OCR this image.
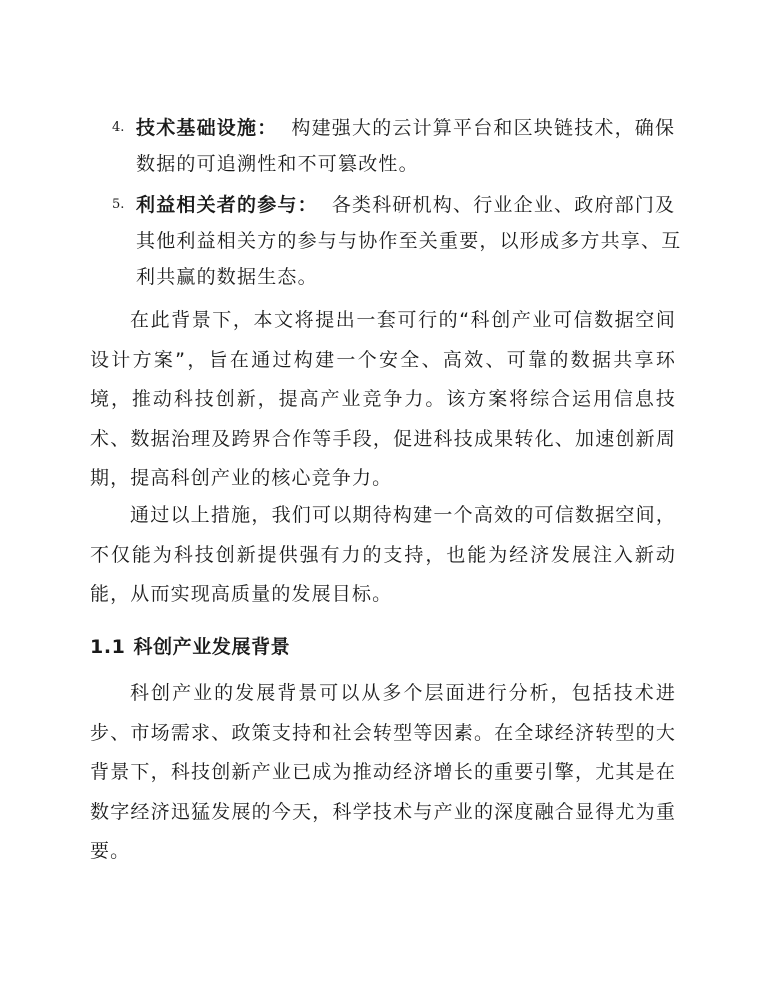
4. 技术基础设施： 构建强大的云计算平台和区块链技术，确保数据的可追溯性和不可篡改性。
5. 利益相关者的参与： 各类科研机构、行业企业、政府部门及其他利益相关方的参与与协作至关重要，以形成多方共享、互利共赢的数据生态。
在此背景下，本文将提出一套可行的“科创产业可信数据空间设计方案”，旨在通过构建一个安全、高效、可靠的数据共享环境，推动科技创新，提高产业竞争力。该方案将综合运用信息技术、数据治理及跨界合作等手段，促进科技成果转化、加速创新周期，提高科创产业的核心竞争力。
通过以上措施，我们可以期待构建一个高效的可信数据空间，不仅能为科技创新提供强有力的支持，也能为经济发展注入新动能，从而实现高质量的发展目标。
1.1 科创产业发展背景
科创产业的发展背景可以从多个层面进行分析，包括技术进步、市场需求、政策支持和社会转型等因素。在全球经济转型的大背景下，科技创新产业已成为推动经济增长的重要引擎，尤其是在数字经济迅猛发展的今天，科学技术与产业的深度融合显得尤为重要。
